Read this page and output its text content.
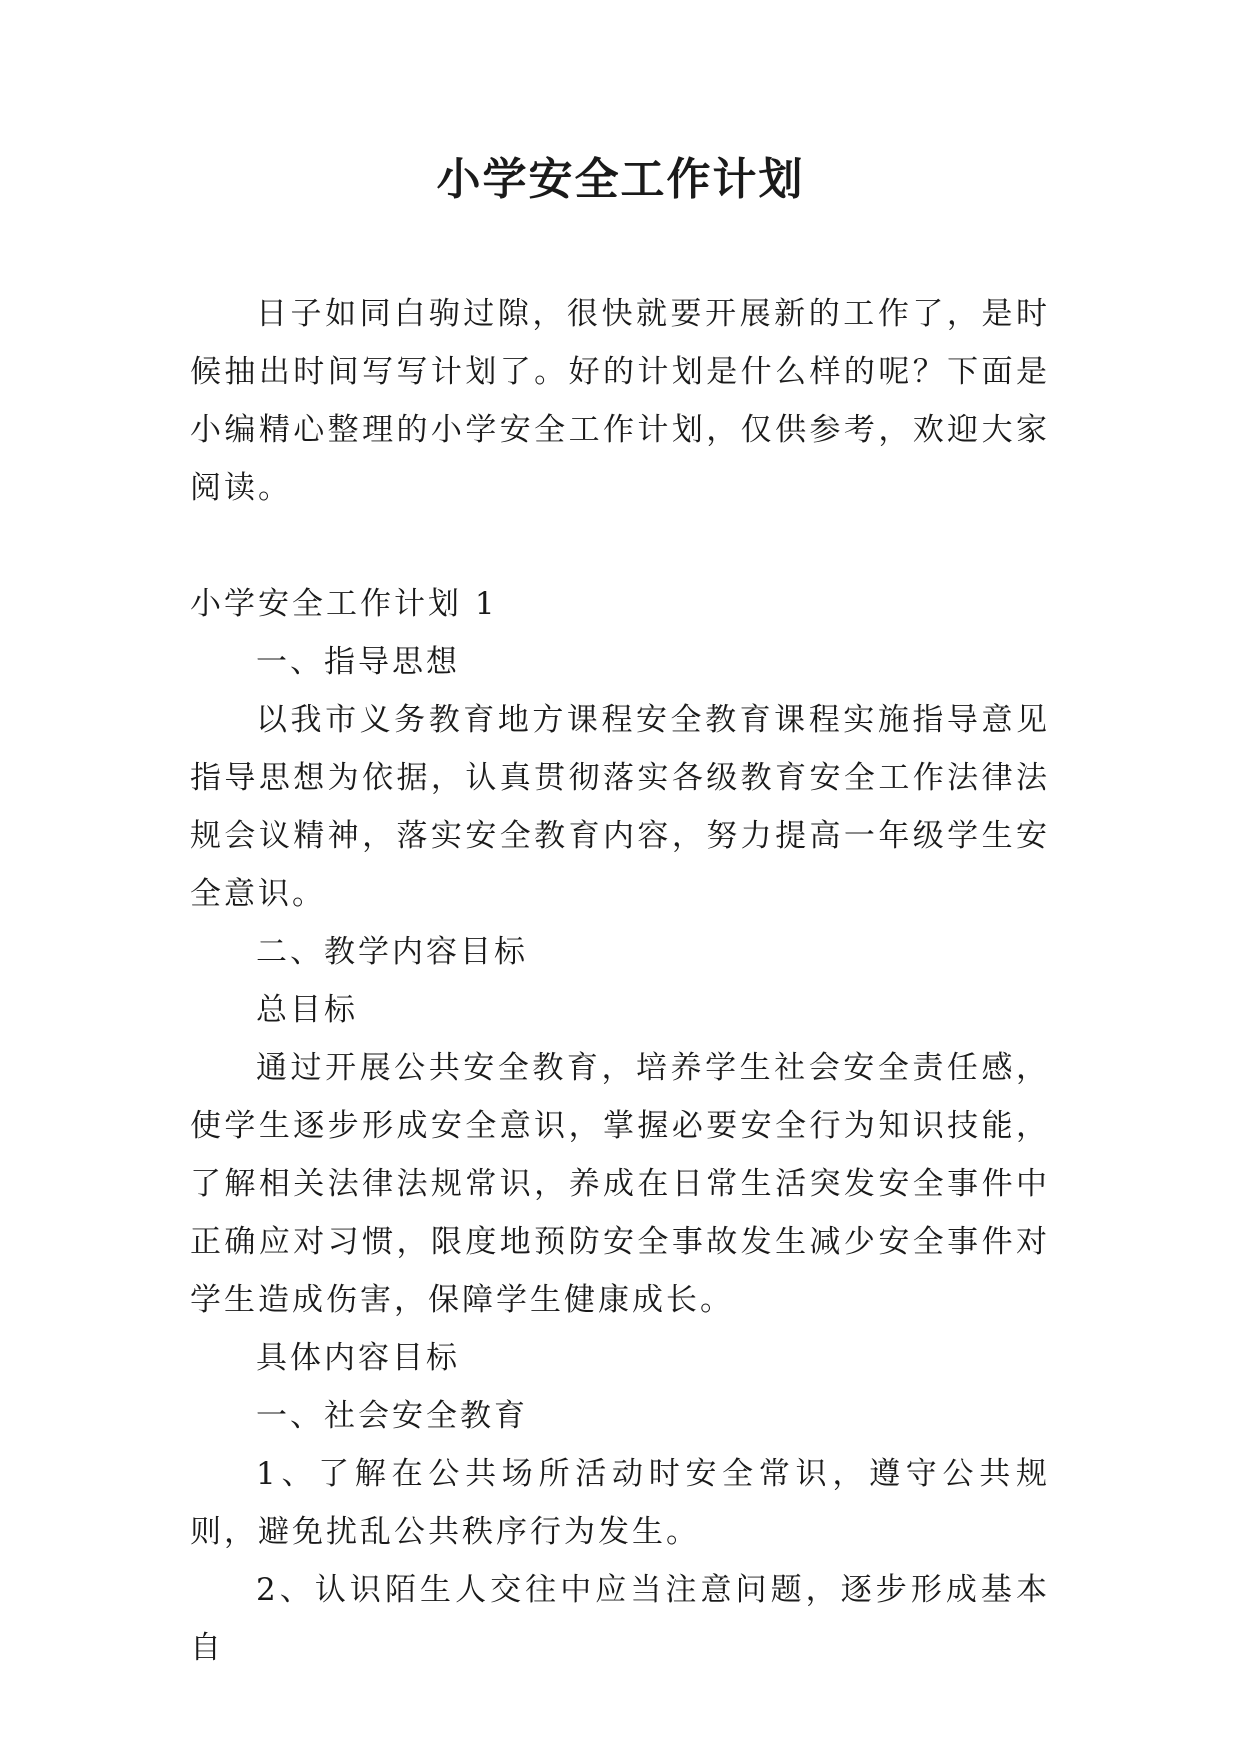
小学安全工作计划

日子如同白驹过隙，很快就要开展新的工作了，是时候抽出时间写写计划了。好的计划是什么样的呢？下面是小编精心整理的小学安全工作计划，仅供参考，欢迎大家阅读。

小学安全工作计划 1

一、指导思想

以我市义务教育地方课程安全教育课程实施指导意见指导思想为依据，认真贯彻落实各级教育安全工作法律法规会议精神，落实安全教育内容，努力提高一年级学生安全意识。

二、教学内容目标

总目标

通过开展公共安全教育，培养学生社会安全责任感，使学生逐步形成安全意识，掌握必要安全行为知识技能，了解相关法律法规常识，养成在日常生活突发安全事件中正确应对习惯，限度地预防安全事故发生减少安全事件对学生造成伤害，保障学生健康成长。

具体内容目标

一、社会安全教育

1、了解在公共场所活动时安全常识，遵守公共规则，避免扰乱公共秩序行为发生。

2、认识陌生人交往中应当注意问题，逐步形成基本自
